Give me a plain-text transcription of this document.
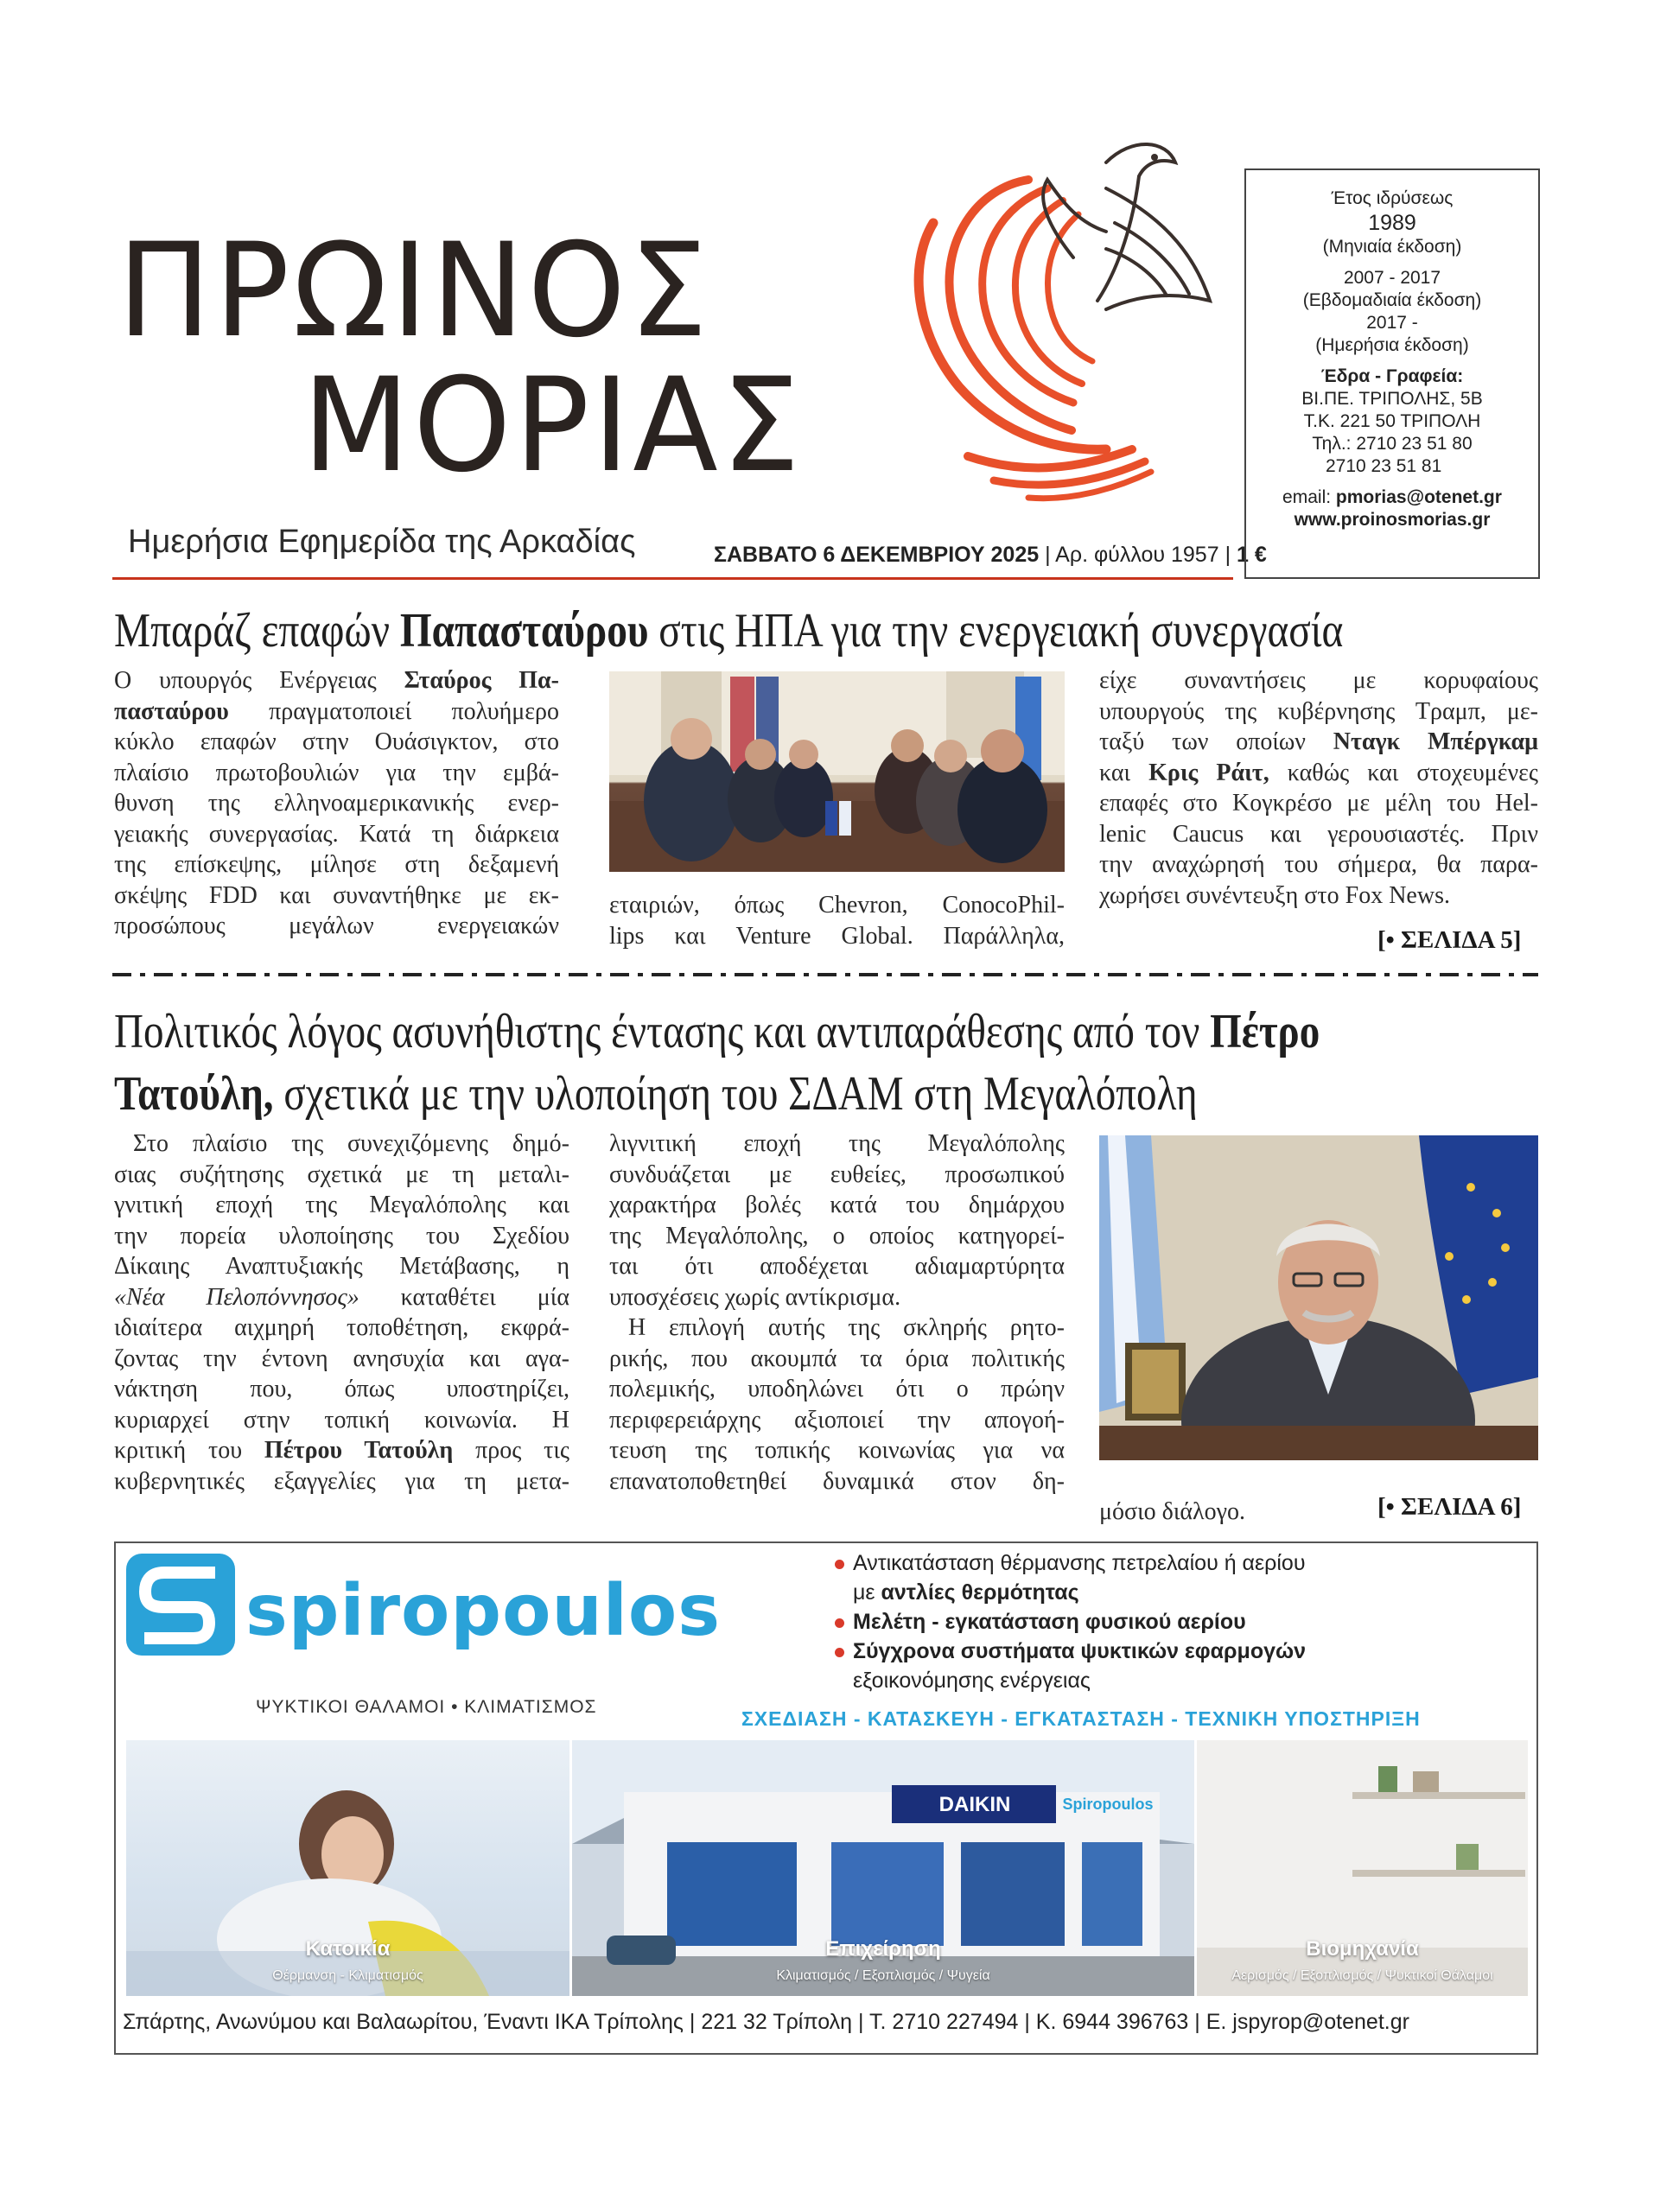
ΠΡΩΙΝΟΣ
ΜΟΡΙΑΣ
Ημερήσια Εφημερίδα της Αρκαδίας	ΣΑΒΒΑΤΟ 6 ΔΕΚΕΜΒΡΙΟΥ 2025 | Αρ. φύλλου 1957 | 1 €
Έτος ιδρύσεως
1989
(Μηνιαία έκδοση)
2007 - 2017
(Εβδομαδιαία έκδοση)
2017 -
(Ημερήσια έκδοση)
Έδρα - Γραφεία:
ΒΙ.ΠΕ. ΤΡΙΠΟΛΗΣ, 5Β
Τ.Κ. 221 50 ΤΡΙΠΟΛΗ
Τηλ.: 2710 23 51 80
2710 23 51 81
email: pmorias@otenet.gr
www.proinosmorias.gr
Μπαράζ επαφών Παπασταύρου στις ΗΠΑ για την ενεργειακή συνεργασία
Ο υπουργός Ενέργειας Σταύρος Πα-
πασταύρου πραγματοποιεί πολυήμερο
κύκλο επαφών στην Ουάσιγκτον, στο
πλαίσιο πρωτοβουλιών για την εμβά-
θυνση της ελληνοαμερικανικής ενερ-
γειακής συνεργασίας. Κατά τη διάρκεια
της επίσκεψης, μίλησε στη δεξαμενή
σκέψης FDD και συναντήθηκε με εκ-
προσώπους μεγάλων ενεργειακών
εταιριών, όπως Chevron, ConocoPhil-
lips και Venture Global. Παράλληλα,
είχε συναντήσεις με κορυφαίους
υπουργούς της κυβέρνησης Τραμπ, με-
ταξύ των οποίων Νταγκ Μπέργκαμ
και Κρις Ράιτ, καθώς και στοχευμένες
επαφές στο Κογκρέσο με μέλη του Hel-
lenic Caucus και γερουσιαστές. Πριν
την αναχώρησή του σήμερα, θα παρα-
χωρήσει συνέντευξη στο Fox News.
[• ΣΕΛΙΔΑ 5]
Πολιτικός λόγος ασυνήθιστης έντασης και αντιπαράθεσης από τον Πέτρο
Τατούλη, σχετικά με την υλοποίηση του ΣΔΑΜ στη Μεγαλόπολη
Στο πλαίσιο της συνεχιζόμενης δημό-
σιας συζήτησης σχετικά με τη μεταλι-
γνιτική εποχή της Μεγαλόπολης και
την πορεία υλοποίησης του Σχεδίου
Δίκαιης Αναπτυξιακής Μετάβασης, η
«Νέα Πελοπόννησος» καταθέτει μία
ιδιαίτερα αιχμηρή τοποθέτηση, εκφρά-
ζοντας την έντονη ανησυχία και αγα-
νάκτηση που, όπως υποστηρίζει,
κυριαρχεί στην τοπική κοινωνία. Η
κριτική του Πέτρου Τατούλη προς τις
κυβερνητικές εξαγγελίες για τη μετα-
λιγνιτική εποχή της Μεγαλόπολης
συνδυάζεται με ευθείες, προσωπικού
χαρακτήρα βολές κατά του δημάρχου
της Μεγαλόπολης, ο οποίος κατηγορεί-
ται ότι αποδέχεται αδιαμαρτύρητα
υποσχέσεις χωρίς αντίκρισμα.
Η επιλογή αυτής της σκληρής ρητο-
ρικής, που ακουμπά τα όρια πολιτικής
πολεμικής, υποδηλώνει ότι ο πρώην
περιφερειάρχης αξιοποιεί την απογοή-
τευση της τοπικής κοινωνίας για να
επανατοποθετηθεί δυναμικά στον δη-
μόσιο διάλογο.	[• ΣΕΛΙΔΑ 6]
spiropoulos
ΨΥΚΤΙΚΟΙ ΘΑΛΑΜΟΙ • ΚΛΙΜΑΤΙΣΜΟΣ
Αντικατάσταση θέρμανσης πετρελαίου ή αερίου
με αντλίες θερμότητας
Μελέτη - εγκατάσταση φυσικού αερίου
Σύγχρονα συστήματα ψυκτικών εφαρμογών
εξοικονόμησης ενέργειας
ΣΧΕΔΙΑΣΗ - ΚΑΤΑΣΚΕΥΗ - ΕΓΚΑΤΑΣΤΑΣΗ - ΤΕΧΝΙΚΗ ΥΠΟΣΤΗΡΙΞΗ
Κατοικία
Θέρμανση - Κλιματισμός
DAIKIN	Spiropoulos
Επιχείρηση
Κλιματισμός / Εξοπλισμός / Ψυγεία
Βιομηχανία
Αερισμός / Εξοπλισμός / Ψυκτικοί Θάλαμοι
Σπάρτης, Ανωνύμου και Βαλαωρίτου, Έναντι ΙΚΑ Τρίπολης | 221 32 Τρίπολη | Τ. 2710 227494 | Κ. 6944 396763 | Ε. jspyrop@otenet.gr
